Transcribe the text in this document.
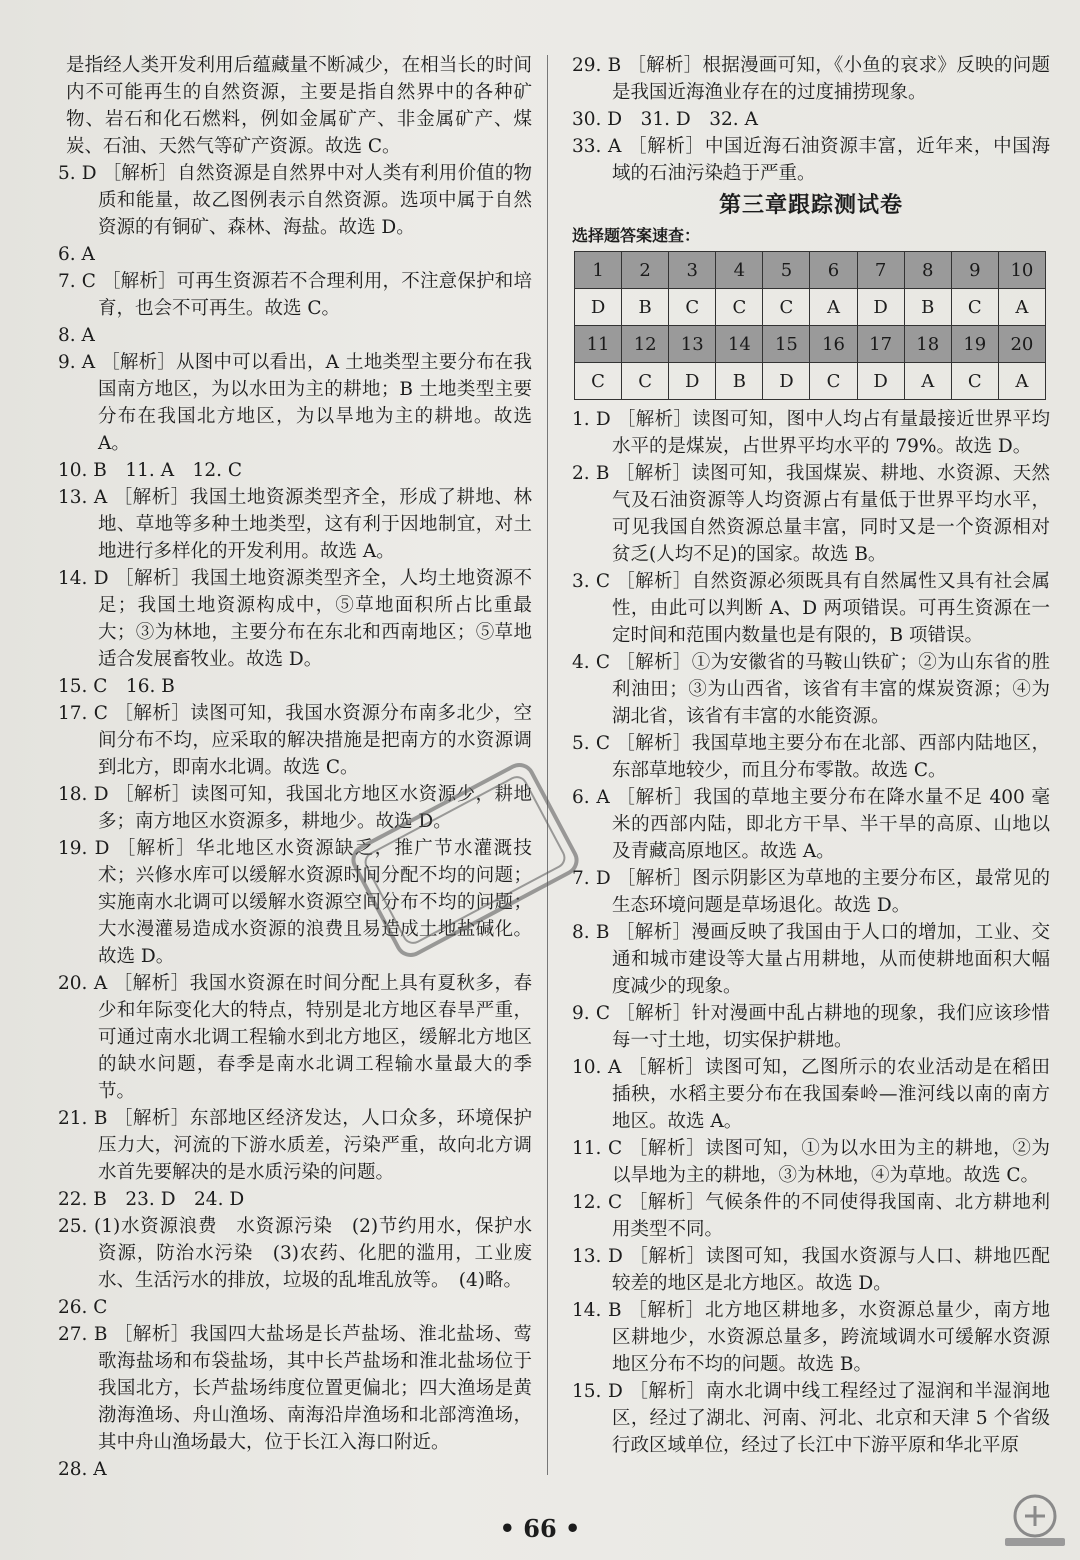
是指经人类开发利用后蕴藏量不断减少，在相当长的时间内不可能再生的自然资源，主要是指自然界中的各种矿物、岩石和化石燃料，例如金属矿产、非金属矿产、煤炭、石油、天然气等矿产资源。故选 C。
5. D ［解析］自然资源是自然界中对人类有利用价值的物质和能量，故乙图例表示自然资源。选项中属于自然资源的有铜矿、森林、海盐。故选 D。
6. A
7. C ［解析］可再生资源若不合理利用，不注意保护和培育，也会不可再生。故选 C。
8. A
9. A ［解析］从图中可以看出，A 土地类型主要分布在我国南方地区，为以水田为主的耕地；B 土地类型主要分布在我国北方地区，为以旱地为主的耕地。故选 A。
10. B　11. A　12. C
13. A ［解析］我国土地资源类型齐全，形成了耕地、林地、草地等多种土地类型，这有利于因地制宜，对土地进行多样化的开发利用。故选 A。
14. D ［解析］我国土地资源类型齐全，人均土地资源不足；我国土地资源构成中，⑤草地面积所占比重最大；③为林地，主要分布在东北和西南地区；⑤草地适合发展畜牧业。故选 D。
15. C　16. B
17. C ［解析］读图可知，我国水资源分布南多北少，空间分布不均，应采取的解决措施是把南方的水资源调到北方，即南水北调。故选 C。
18. D ［解析］读图可知，我国北方地区水资源少，耕地多；南方地区水资源多，耕地少。故选 D。
19. D ［解析］华北地区水资源缺乏，推广节水灌溉技术；兴修水库可以缓解水资源时间分配不均的问题；实施南水北调可以缓解水资源空间分布不均的问题；大水漫灌易造成水资源的浪费且易造成土地盐碱化。故选 D。
20. A ［解析］我国水资源在时间分配上具有夏秋多，春少和年际变化大的特点，特别是北方地区春旱严重，可通过南水北调工程输水到北方地区，缓解北方地区的缺水问题，春季是南水北调工程输水量最大的季节。
21. B ［解析］东部地区经济发达，人口众多，环境保护压力大，河流的下游水质差，污染严重，故向北方调水首先要解决的是水质污染的问题。
22. B　23. D　24. D
25. (1)水资源浪费　水资源污染　(2)节约用水，保护水资源，防治水污染　(3)农药、化肥的滥用，工业废水、生活污水的排放，垃圾的乱堆乱放等。　(4)略。
26. C
27. B ［解析］我国四大盐场是长芦盐场、淮北盐场、莺歌海盐场和布袋盐场，其中长芦盐场和淮北盐场位于我国北方，长芦盐场纬度位置更偏北；四大渔场是黄渤海渔场、舟山渔场、南海沿岸渔场和北部湾渔场，其中舟山渔场最大，位于长江入海口附近。
28. A
29. B ［解析］根据漫画可知，《小鱼的哀求》反映的问题是我国近海渔业存在的过度捕捞现象。
30. D　31. D　32. A
33. A ［解析］中国近海石油资源丰富，近年来，中国海域的石油污染趋于严重。
第三章跟踪测试卷
选择题答案速查：
1	2	3	4	5	6	7	8	9	10
D	B	C	C	C	A	D	B	C	A
11	12	13	14	15	16	17	18	19	20
C	C	D	B	D	C	D	A	C	A
1. D ［解析］读图可知，图中人均占有量最接近世界平均水平的是煤炭，占世界平均水平的 79%。故选 D。
2. B ［解析］读图可知，我国煤炭、耕地、水资源、天然气及石油资源等人均资源占有量低于世界平均水平，可见我国自然资源总量丰富，同时又是一个资源相对贫乏(人均不足)的国家。故选 B。
3. C ［解析］自然资源必须既具有自然属性又具有社会属性，由此可以判断 A、D 两项错误。可再生资源在一定时间和范围内数量也是有限的，B 项错误。
4. C ［解析］①为安徽省的马鞍山铁矿；②为山东省的胜利油田；③为山西省，该省有丰富的煤炭资源；④为湖北省，该省有丰富的水能资源。
5. C ［解析］我国草地主要分布在北部、西部内陆地区，东部草地较少，而且分布零散。故选 C。
6. A ［解析］我国的草地主要分布在降水量不足 400 毫米的西部内陆，即北方干旱、半干旱的高原、山地以及青藏高原地区。故选 A。
7. D ［解析］图示阴影区为草地的主要分布区，最常见的生态环境问题是草场退化。故选 D。
8. B ［解析］漫画反映了我国由于人口的增加，工业、交通和城市建设等大量占用耕地，从而使耕地面积大幅度减少的现象。
9. C ［解析］针对漫画中乱占耕地的现象，我们应该珍惜每一寸土地，切实保护耕地。
10. A ［解析］读图可知，乙图所示的农业活动是在稻田插秧，水稻主要分布在我国秦岭—淮河线以南的南方地区。故选 A。
11. C ［解析］读图可知，①为以水田为主的耕地，②为以旱地为主的耕地，③为林地，④为草地。故选 C。
12. C ［解析］气候条件的不同使得我国南、北方耕地利用类型不同。
13. D ［解析］读图可知，我国水资源与人口、耕地匹配较差的地区是北方地区。故选 D。
14. B ［解析］北方地区耕地多，水资源总量少，南方地区耕地少，水资源总量多，跨流域调水可缓解水资源地区分布不均的问题。故选 B。
15. D ［解析］南水北调中线工程经过了湿润和半湿润地区，经过了湖北、河南、河北、北京和天津 5 个省级行政区域单位，经过了长江中下游平原和华北平原
• 66 •
